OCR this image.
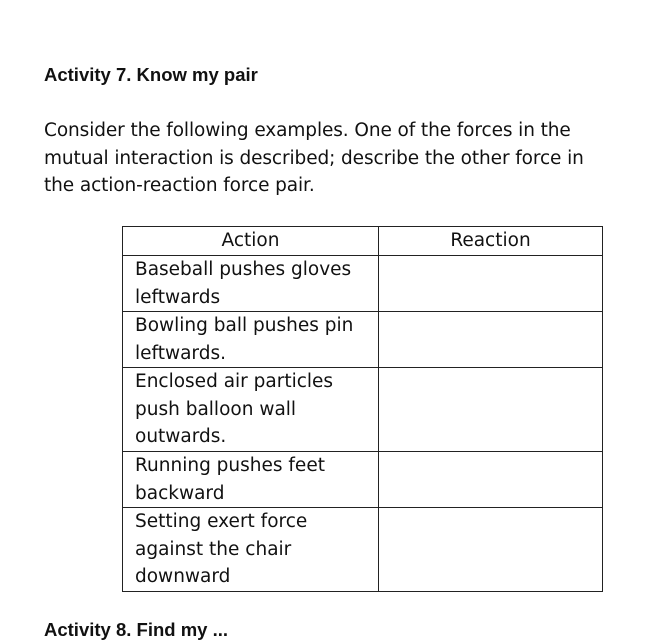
Activity 7. Know my pair

Consider the following examples. One of the forces in the mutual interaction is described; describe the other force in the action-reaction force pair.

Action	Reaction
Baseball pushes gloves leftwards	
Bowling ball pushes pin leftwards.	
Enclosed air particles push balloon wall outwards.	
Running pushes feet backward	
Setting exert force against the chair downward	
Activity 8. Find my ...
